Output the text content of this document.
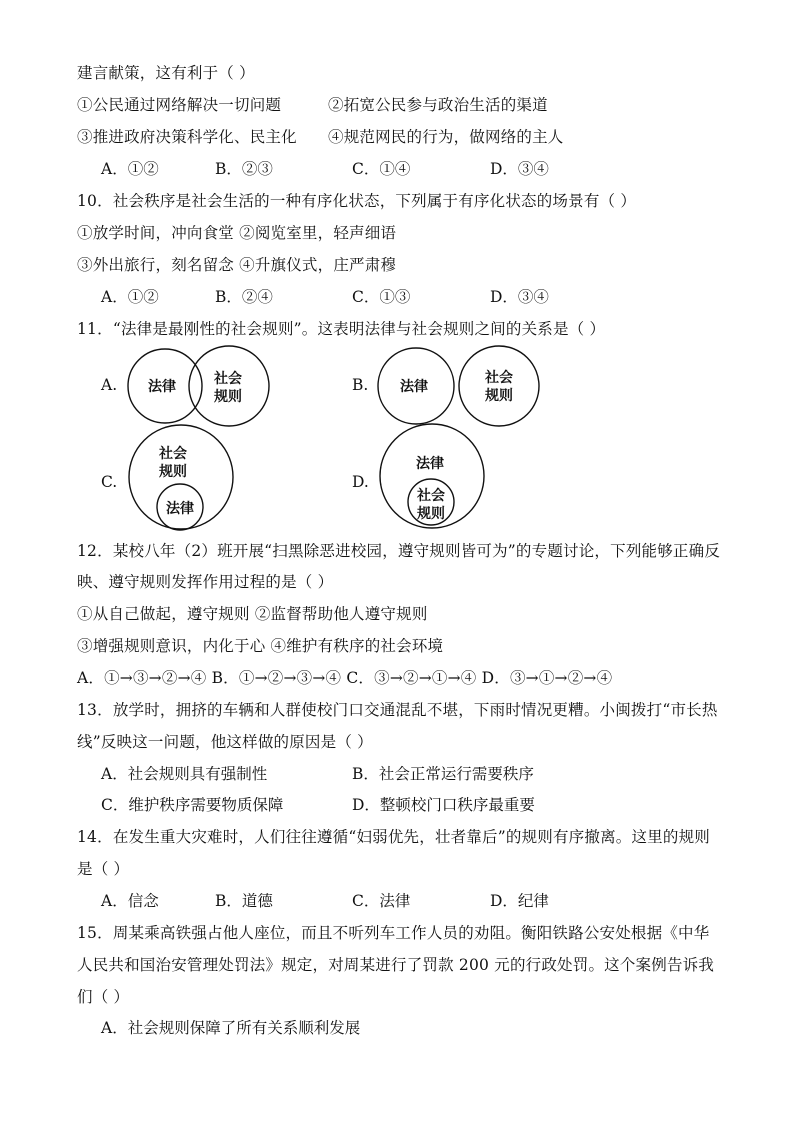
建言献策，这有利于（ ）
①公民通过网络解决一切问题	②拓宽公民参与政治生活的渠道
③推进政府决策科学化、民主化 ④规范网民的行为，做网络的主人
A．①②	B．②③	C．①④	D．③④
10．社会秩序是社会生活的一种有序化状态，下列属于有序化状态的场景有（ ）
①放学时间，冲向食堂 ②阅览室里，轻声细语
③外出旅行，刻名留念 ④升旗仪式，庄严肃穆
A．①②	B．②④	C．①③	D．③④
11．“法律是最刚性的社会规则”。这表明法律与社会规则之间的关系是（ ）
A. 法律	社会
规则
B. 法律
社会
规则
C.
社会
规则
法律
D.
法律
社会
规则
12．某校八年（2）班开展“扫黑除恶进校园，遵守规则皆可为”的专题讨论，下列能够正确反
映、遵守规则发挥作用过程的是（ ）
①从自己做起，遵守规则 ②监督帮助他人遵守规则
③增强规则意识，内化于心 ④维护有秩序的社会环境
A．①→③→②→④ B．①→②→③→④ C．③→②→①→④ D．③→①→②→④
13．放学时，拥挤的车辆和人群使校门口交通混乱不堪，下雨时情况更糟。小闽拨打“市长热
线”反映这一问题，他这样做的原因是（ ）
A．社会规则具有强制性	B．社会正常运行需要秩序
C．维护秩序需要物质保障	D．整顿校门口秩序最重要
14．在发生重大灾难时，人们往往遵循“妇弱优先，壮者靠后”的规则有序撤离。这里的规则
是（ ）
A．信念	B．道德	C．法律	D．纪律
15．周某乘高铁强占他人座位，而且不听列车工作人员的劝阻。衡阳铁路公安处根据《中华
人民共和国治安管理处罚法》规定，对周某进行了罚款 200 元的行政处罚。这个案例告诉我
们（ ）
A．社会规则保障了所有关系顺利发展
